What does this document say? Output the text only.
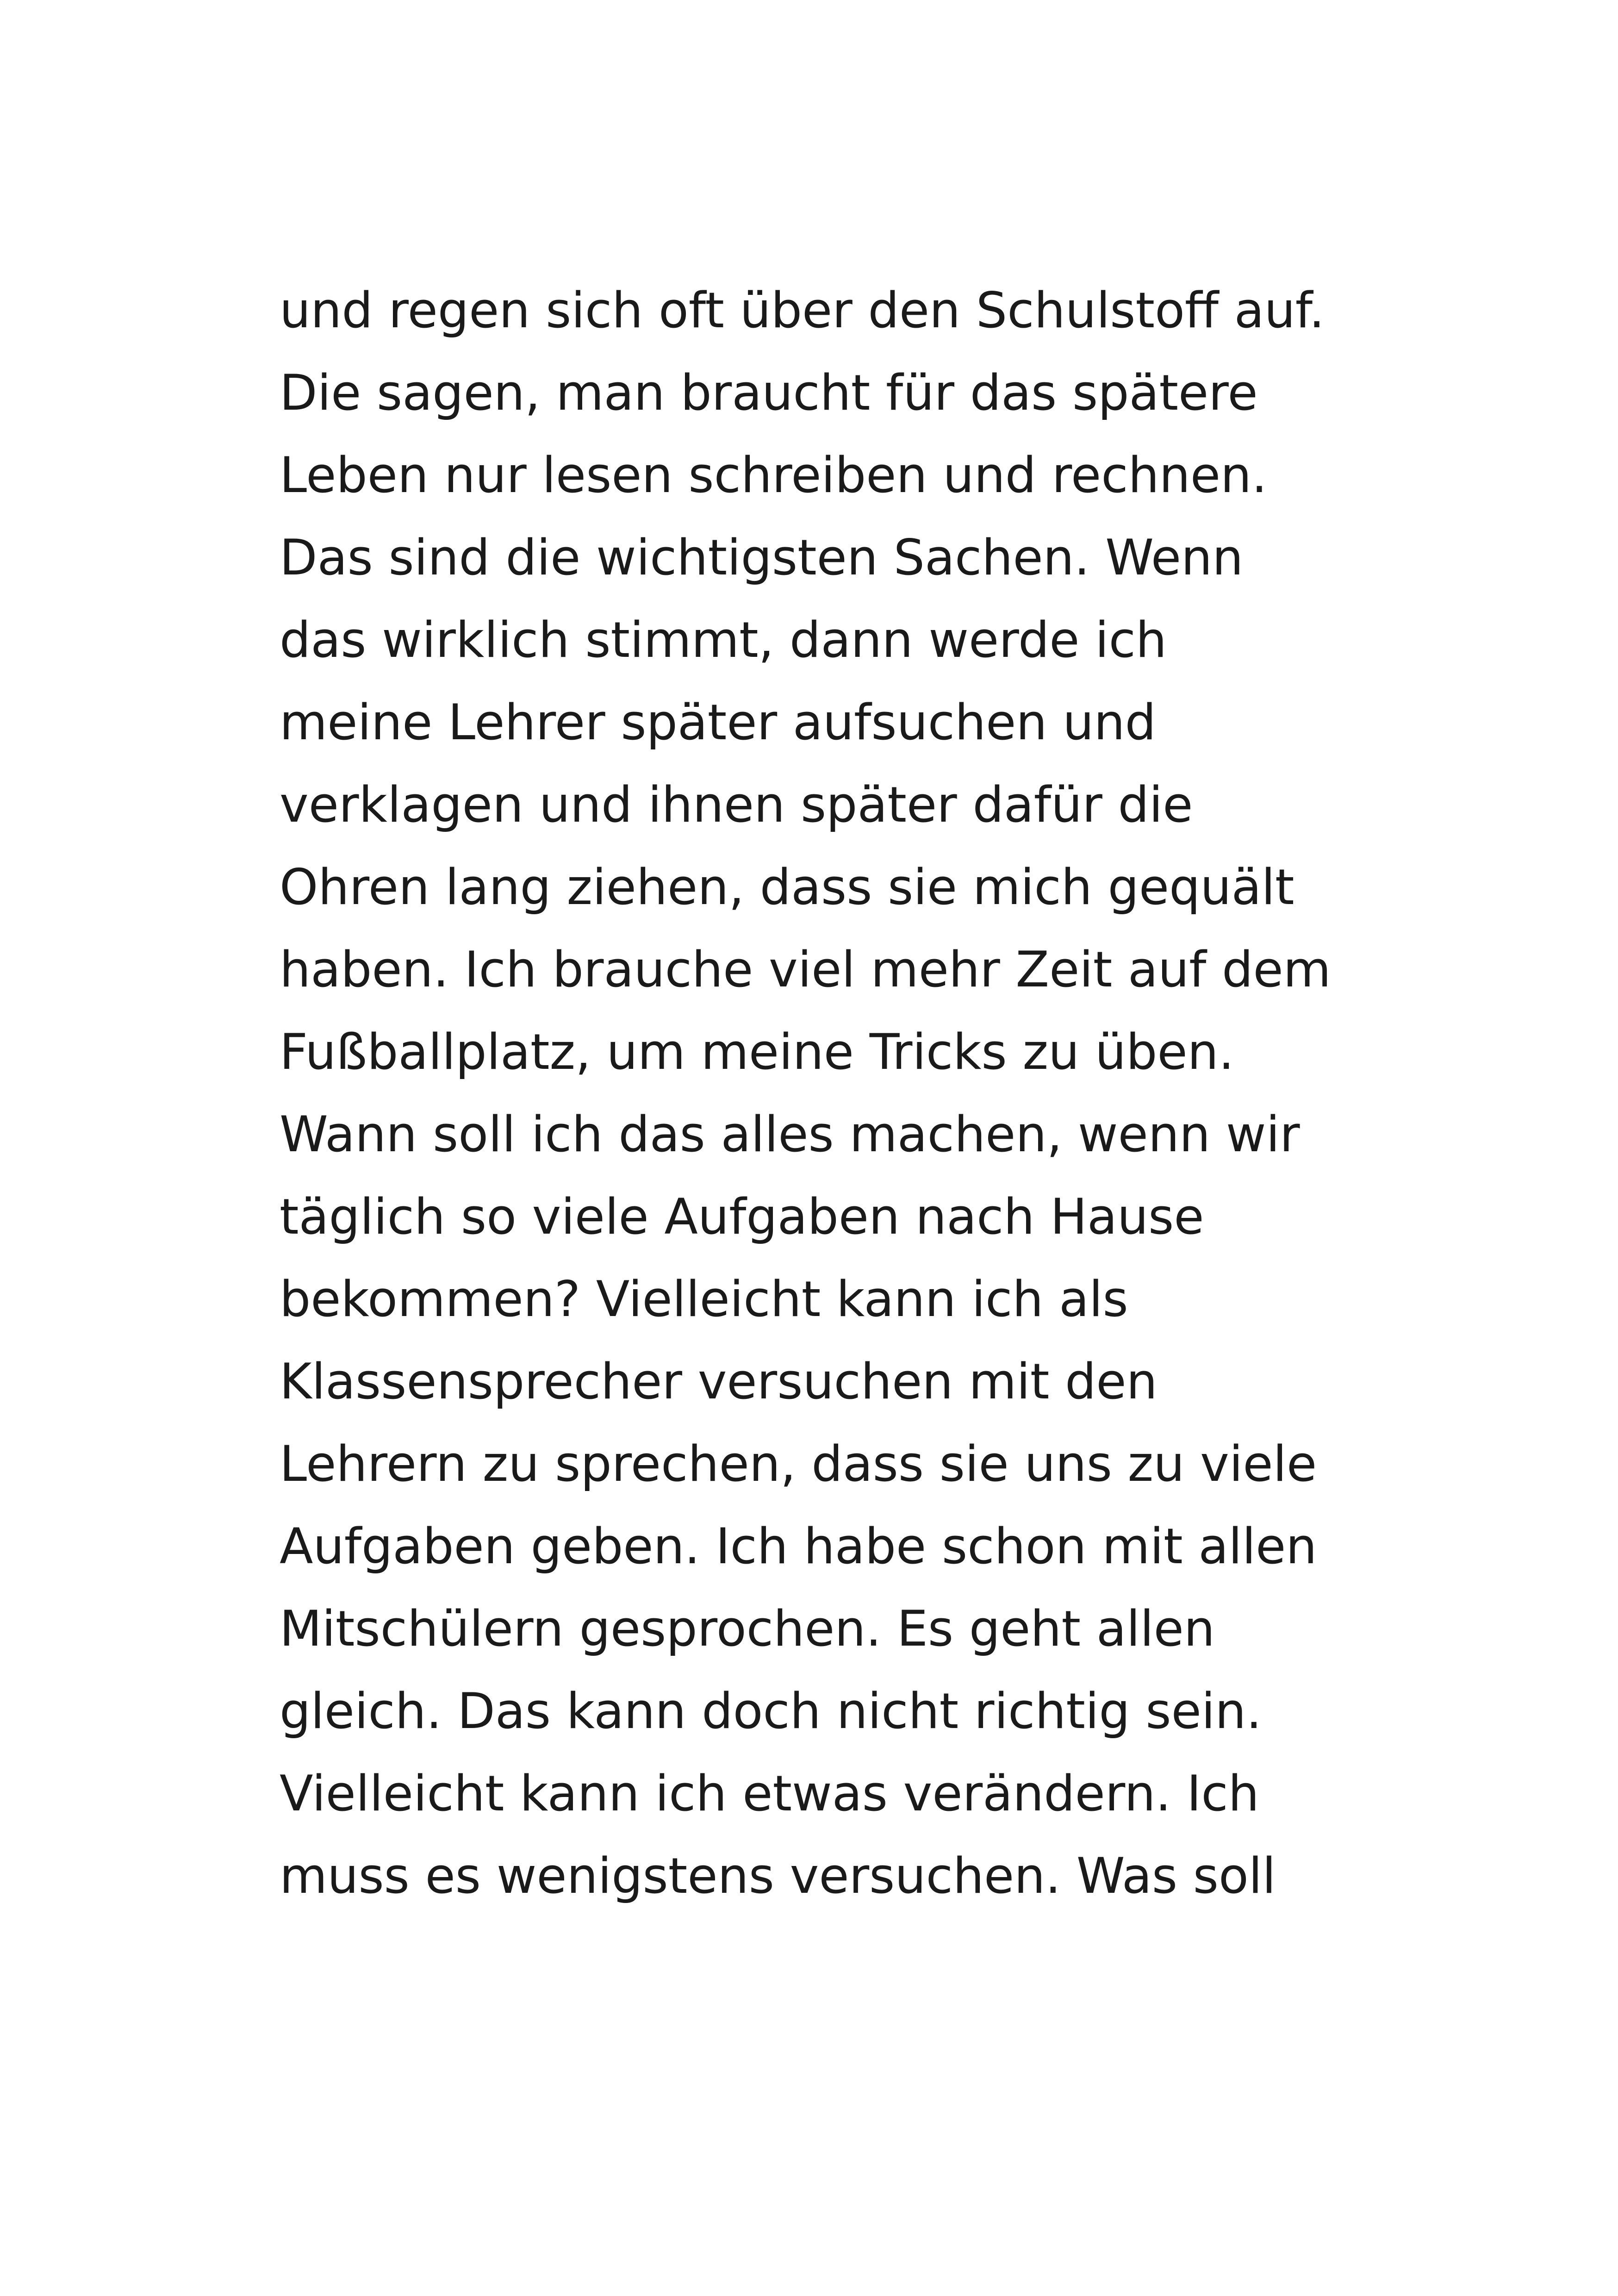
und regen sich oft über den Schulstoff auf.
Die sagen, man braucht für das spätere
Leben nur lesen schreiben und rechnen.
Das sind die wichtigsten Sachen. Wenn
das wirklich stimmt, dann werde ich
meine Lehrer später aufsuchen und
verklagen und ihnen später dafür die
Ohren lang ziehen, dass sie mich gequält
haben. Ich brauche viel mehr Zeit auf dem
Fußballplatz, um meine Tricks zu üben.
Wann soll ich das alles machen, wenn wir
täglich so viele Aufgaben nach Hause
bekommen? Vielleicht kann ich als
Klassensprecher versuchen mit den
Lehrern zu sprechen, dass sie uns zu viele
Aufgaben geben. Ich habe schon mit allen
Mitschülern gesprochen. Es geht allen
gleich. Das kann doch nicht richtig sein.
Vielleicht kann ich etwas verändern. Ich
muss es wenigstens versuchen. Was soll
